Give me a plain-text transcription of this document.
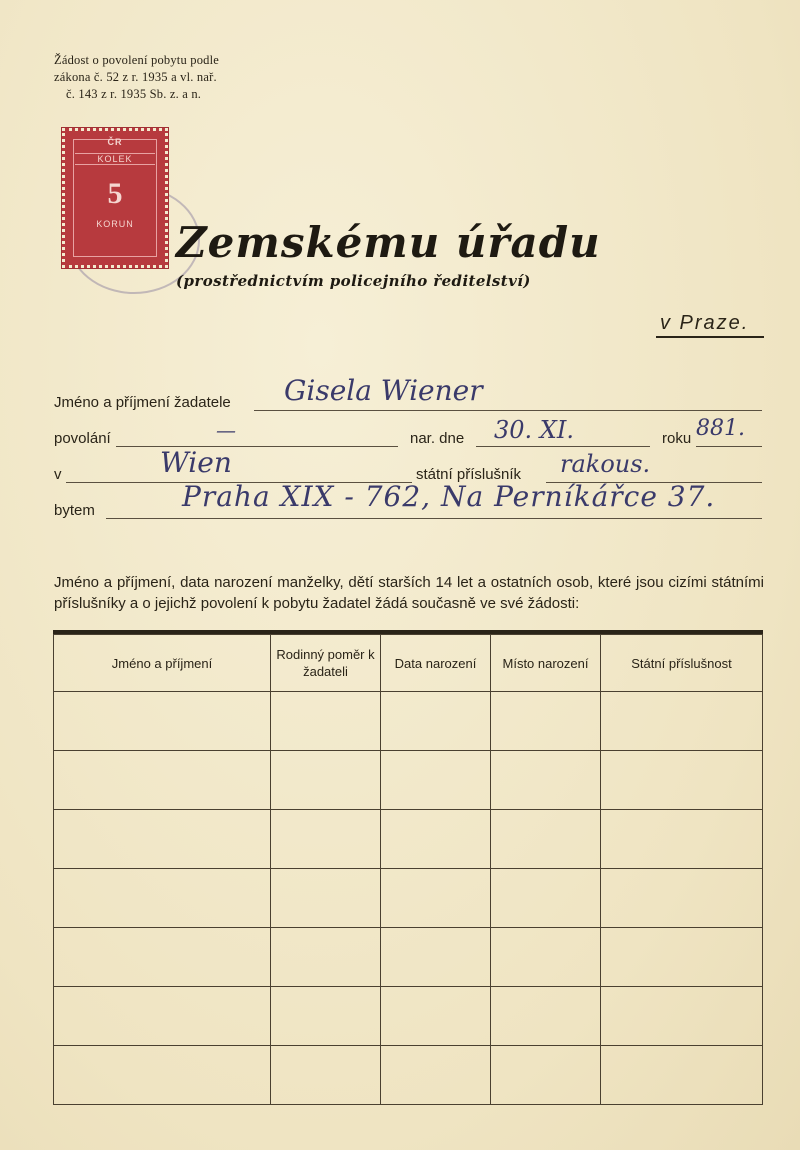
Žádost o povolení pobytu podle
zákona č. 52 z r. 1935 a vl. nař.
č. 143 z r. 1935 Sb. z. a n.
ČR
KOLEK
5
KORUN	Zemskému úřadu
(prostřednictvím policejního ředitelství)
v Praze.
Jméno a příjmení žadatele Gisela Wiener
povolání	—	nar. dne 30. XI.	roku 881.
v	Wien	státní příslušník rakous.
bytem	Praha XIX - 762, Na Perníkářce 37.
Jméno a příjmení, data narození manželky, dětí starších 14 let a ostatních osob, které jsou cizími státními příslušníky a o jejichž povolení k pobytu žadatel žádá současně ve své žádosti:
Jméno a příjmení	Rodinný poměr k žadateli	Data narození	Místo narození	Státní příslušnost
